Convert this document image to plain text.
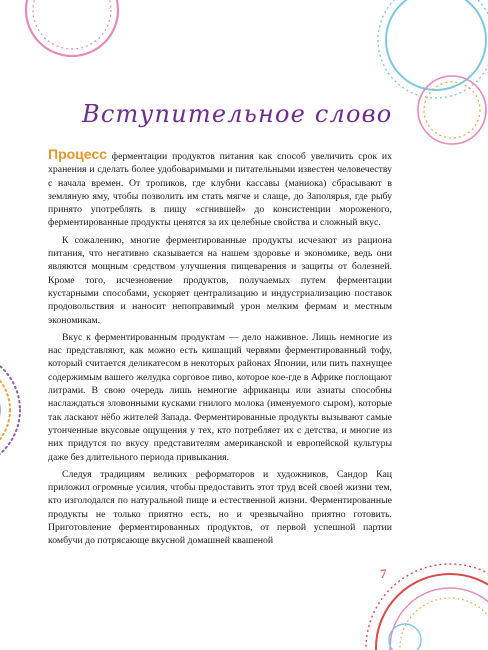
Вступительное слово

Процесс ферментации продуктов питания как способ увеличить срок их хранения и сделать более удобоваримыми и питательными известен человечеству с начала времен. От тропиков, где клубни кассавы (маниока) сбрасывают в земляную яму, чтобы позволить им стать мягче и слаще, до Заполярья, где рыбу принято употреблять в пищу «сгнившей» до консистенции мороженого, ферментированные продукты ценятся за их целебные свойства и сложный вкус.

К сожалению, многие ферментированные продукты исчезают из рациона питания, что негативно сказывается на нашем здоровье и экономике, ведь они являются мощным средством улучшения пищеварения и защиты от болезней. Кроме того, исчезновение продуктов, получаемых путем ферментации кустарными способами, ускоряет централизацию и индустриализацию поставок продовольствия и наносит непоправимый урон мелким фермам и местным экономикам.

Вкус к ферментированным продуктам — дело наживное. Лишь немногие из нас представляют, как можно есть кишащий червями ферментированный тофу, который считается деликатесом в некоторых районах Японии, или пить пахнущее содержимым вашего желудка сорговое пиво, которое кое-где в Африке поглощают литрами. В свою очередь лишь немногие африканцы или азиаты способны наслаждаться зловонными кусками гнилого молока (именуемого сыром), которые так ласкают нёбо жителей Запада. Ферментированные продукты вызывают самые утонченные вкусовые ощущения у тех, кто потребляет их с детства, и многие из них придутся по вкусу представителям американской и европейской культуры даже без длительного периода привыкания.

Следуя традициям великих реформаторов и художников, Сандор Кац приложил огромные усилия, чтобы предоставить этот труд всей своей жизни тем, кто изголодался по натуральной пище и естественной жизни. Ферментированные продукты не только приятно есть, но и чрезвычайно приятно готовить. Приготовление ферментированных продуктов, от первой успешной партии комбучи до потрясающе вкусной домашней квашеной

7
